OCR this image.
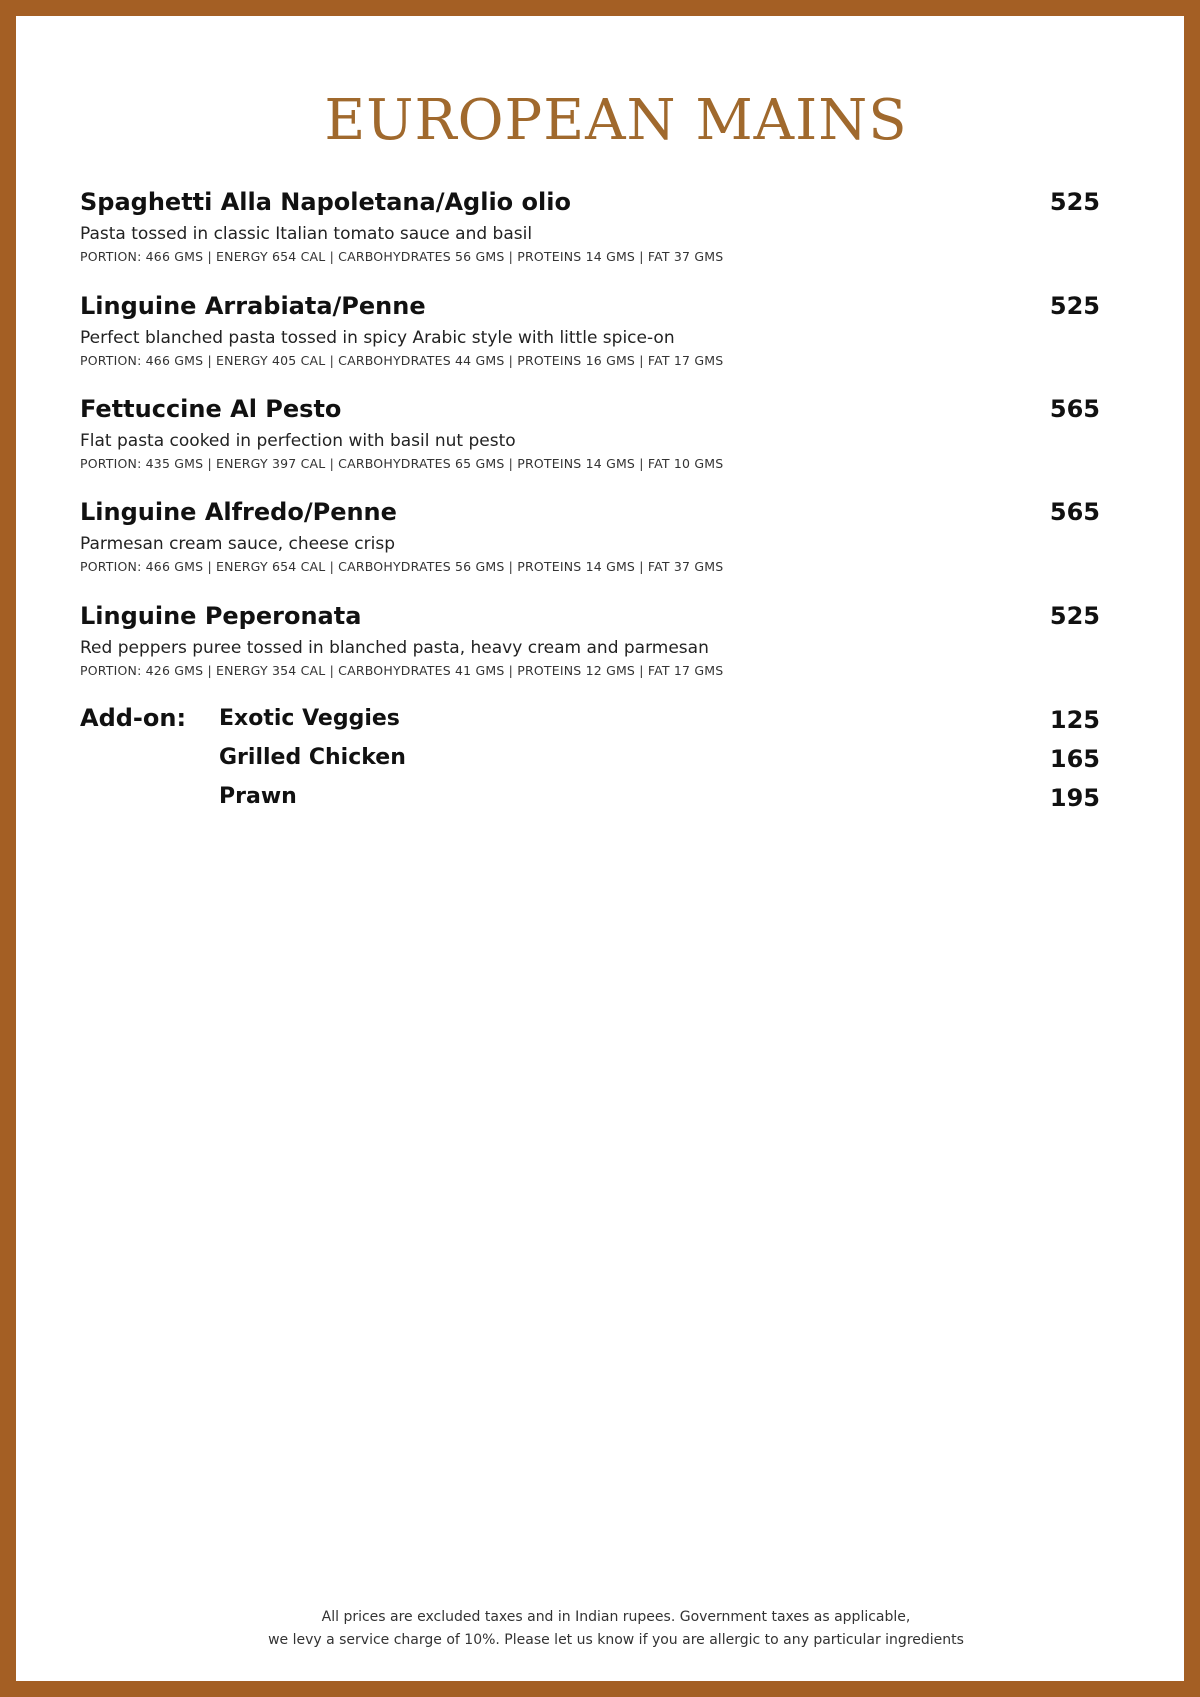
EUROPEAN MAINS
Spaghetti Alla Napoletana/Aglio olio	525
Pasta tossed in classic Italian tomato sauce and basil
PORTION: 466 GMS | ENERGY 654 CAL | CARBOHYDRATES 56 GMS | PROTEINS 14 GMS | FAT 37 GMS
Linguine Arrabiata/Penne	525
Perfect blanched pasta tossed in spicy Arabic style with little spice-on
PORTION: 466 GMS | ENERGY 405 CAL | CARBOHYDRATES 44 GMS | PROTEINS 16 GMS | FAT 17 GMS
Fettuccine Al Pesto	565
Flat pasta cooked in perfection with basil nut pesto
PORTION: 435 GMS | ENERGY 397 CAL | CARBOHYDRATES 65 GMS | PROTEINS 14 GMS | FAT 10 GMS
Linguine Alfredo/Penne	565
Parmesan cream sauce, cheese crisp
PORTION: 466 GMS | ENERGY 654 CAL | CARBOHYDRATES 56 GMS | PROTEINS 14 GMS | FAT 37 GMS
Linguine Peperonata	525
Red peppers puree tossed in blanched pasta, heavy cream and parmesan
PORTION: 426 GMS | ENERGY 354 CAL | CARBOHYDRATES 41 GMS | PROTEINS 12 GMS | FAT 17 GMS
Add-on: Exotic Veggies	125
Grilled Chicken	165
Prawn	195
All prices are excluded taxes and in Indian rupees. Government taxes as applicable,
we levy a service charge of 10%. Please let us know if you are allergic to any particular ingredients
